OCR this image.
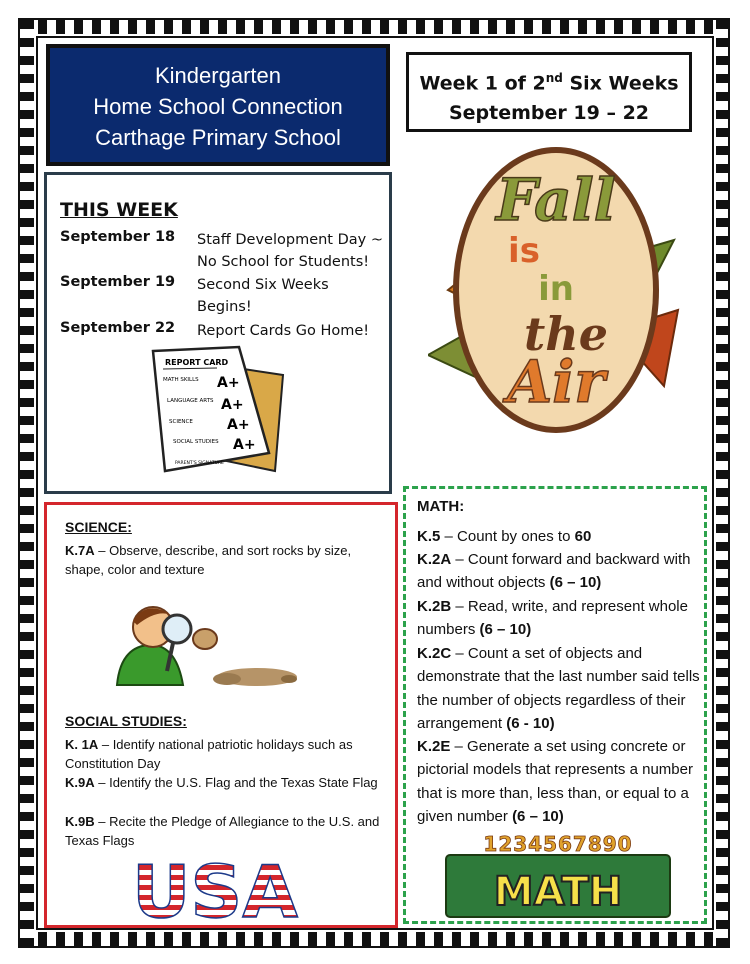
Kindergarten
Home School Connection
Carthage Primary School
Week 1 of 2nd Six Weeks
September 19 – 22
THIS WEEK
September 18	Staff Development Day ~ No School for Students!
September 19	Second Six Weeks Begins!
September 22	Report Cards Go Home!
REPORT CARD
MATH SKILLS A+
LANGUAGE ARTS A+
SCIENCE A+
SOCIAL STUDIES A+
PARENT'S SIGNATURE
Fall
is
in
the
Air
SCIENCE:
K.7A – Observe, describe, and sort rocks by size, shape, color and texture
SOCIAL STUDIES:
K. 1A – Identify national patriotic holidays such as Constitution Day
K.9A – Identify the U.S. Flag and the Texas State Flag
K.9B – Recite the Pledge of Allegiance to the U.S. and Texas Flags
USA
MATH:
K.5 – Count by ones to 60
K.2A – Count forward and backward with and without objects (6 – 10)
K.2B – Read, write, and represent whole numbers (6 – 10)
K.2C – Count a set of objects and demonstrate that the last number said tells the number of objects regardless of their arrangement (6 - 10)
K.2E – Generate a set using concrete or pictorial models that represents a number that is more than, less than, or equal to a given number (6 – 10)
1234567890
MATH
